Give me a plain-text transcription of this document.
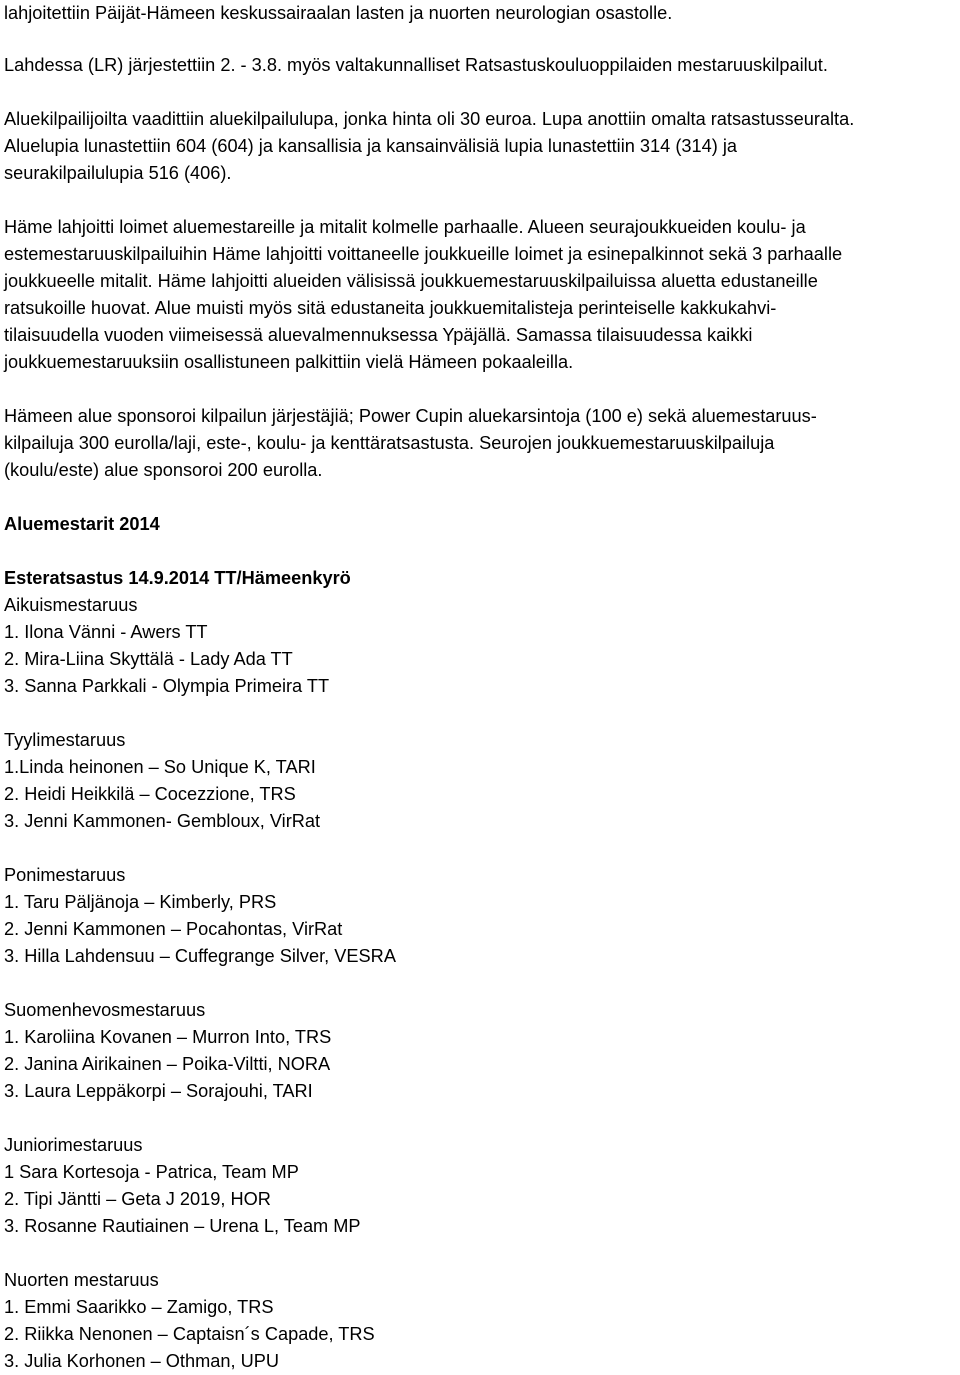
lahjoitettiin Päijät-Hämeen keskussairaalan lasten ja nuorten neurologian osastolle.
Lahdessa (LR) järjestettiin 2. - 3.8. myös valtakunnalliset Ratsastuskouluoppilaiden mestaruuskilpailut.
Aluekilpailijoilta vaadittiin aluekilpailulupa, jonka hinta oli 30 euroa. Lupa anottiin omalta ratsastusseuralta.
Aluelupia lunastettiin 604 (604) ja kansallisia ja kansainvälisiä lupia lunastettiin 314 (314) ja
seurakilpailulupia 516 (406).
Häme lahjoitti loimet aluemestareille ja mitalit kolmelle parhaalle. Alueen seurajoukkueiden koulu- ja
estemestaruuskilpailuihin Häme lahjoitti voittaneelle joukkueille loimet ja esinepalkinnot sekä 3 parhaalle
joukkueelle mitalit. Häme lahjoitti alueiden välisissä joukkuemestaruuskilpailuissa aluetta edustaneille
ratsukoille huovat. Alue muisti myös sitä edustaneita joukkuemitalisteja perinteiselle kakkukahvi-
tilaisuudella vuoden viimeisessä aluevalmennuksessa Ypäjällä. Samassa tilaisuudessa kaikki
joukkuemestaruuksiin osallistuneen palkittiin vielä Hämeen pokaaleilla.
Hämeen alue sponsoroi kilpailun järjestäjiä; Power Cupin aluekarsintoja (100 e) sekä aluemestaruus-
kilpailuja 300 eurolla/laji, este-, koulu- ja kenttäratsastusta. Seurojen joukkuemestaruuskilpailuja
(koulu/este) alue sponsoroi 200 eurolla.
Aluemestarit 2014
Esteratsastus 14.9.2014 TT/Hämeenkyrö
Aikuismestaruus
1. Ilona Vänni - Awers TT
2. Mira-Liina Skyttälä - Lady Ada TT
3. Sanna Parkkali - Olympia Primeira TT
Tyylimestaruus
1.Linda heinonen – So Unique K, TARI
2. Heidi Heikkilä – Cocezzione, TRS
3. Jenni Kammonen- Gembloux, VirRat
Ponimestaruus
1. Taru Päljänoja – Kimberly, PRS
2. Jenni Kammonen – Pocahontas, VirRat
3. Hilla Lahdensuu – Cuffegrange Silver, VESRA
Suomenhevosmestaruus
1. Karoliina Kovanen – Murron Into, TRS
2. Janina Airikainen – Poika-Viltti, NORA
3. Laura Leppäkorpi – Sorajouhi, TARI
Juniorimestaruus
1 Sara Kortesoja - Patrica, Team MP
2. Tipi Jäntti – Geta J 2019, HOR
3. Rosanne Rautiainen – Urena L, Team MP
Nuorten mestaruus
1. Emmi Saarikko – Zamigo, TRS
2. Riikka Nenonen – Captaisn´s Capade, TRS
3. Julia Korhonen – Othman, UPU
